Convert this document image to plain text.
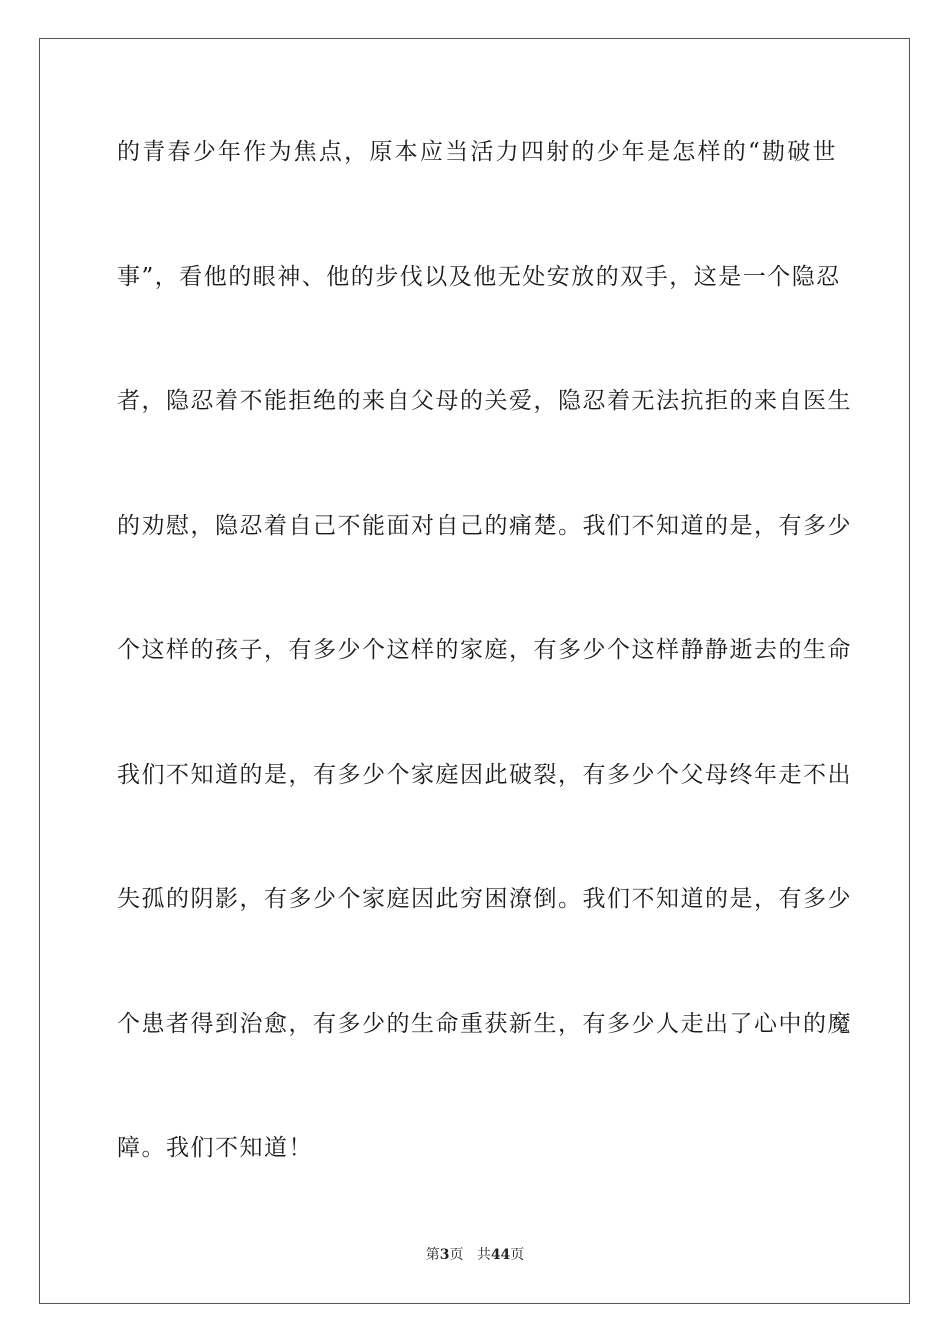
的青春少年作为焦点，原本应当活力四射的少年是怎样的“勘破世
事”，看他的眼神、他的步伐以及他无处安放的双手，这是一个隐忍
者，隐忍着不能拒绝的来自父母的关爱，隐忍着无法抗拒的来自医生
的劝慰，隐忍着自己不能面对自己的痛楚。我们不知道的是，有多少
个这样的孩子，有多少个这样的家庭，有多少个这样静静逝去的生命
我们不知道的是，有多少个家庭因此破裂，有多少个父母终年走不出
失孤的阴影，有多少个家庭因此穷困潦倒。我们不知道的是，有多少
个患者得到治愈，有多少的生命重获新生，有多少人走出了心中的魔
障。我们不知道！
第3页 共44页
